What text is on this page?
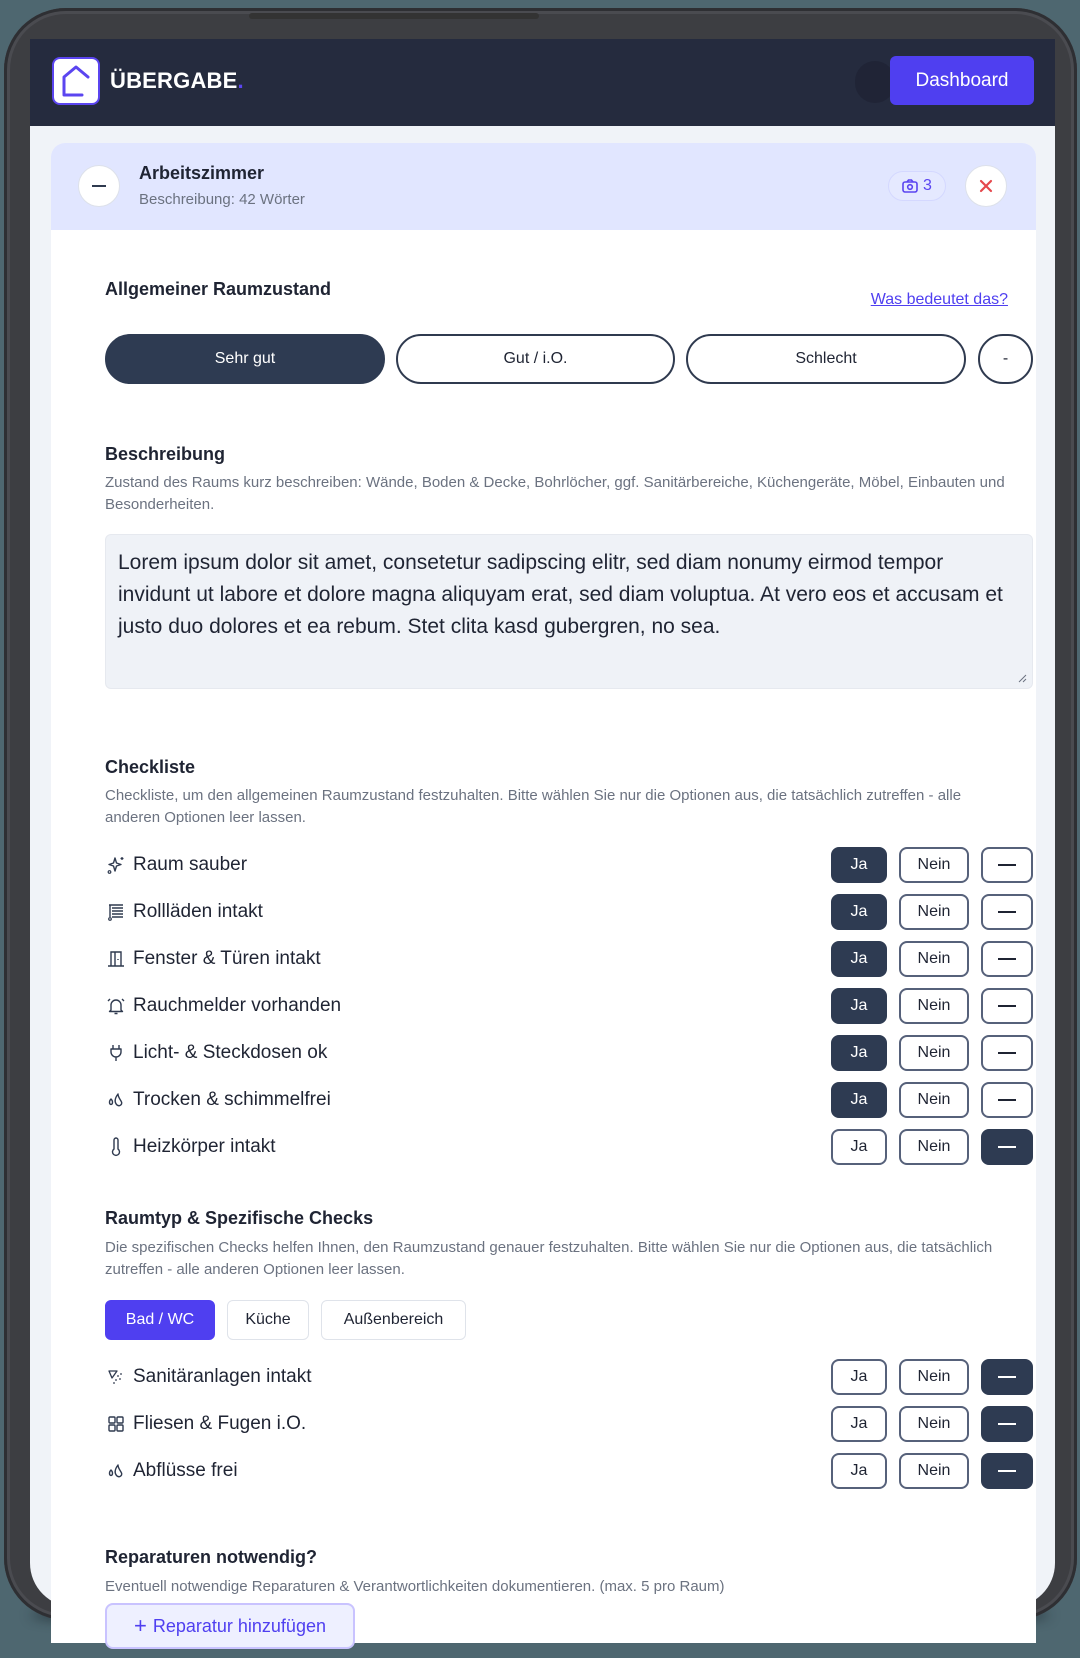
ÜBERGABE.	Dashboard
Arbeitszimmer
Beschreibung: 42 Wörter
3
Allgemeiner Raumzustand
Was bedeutet das?
Sehr gut	Gut / i.O.	Schlecht	-
Beschreibung
Zustand des Raums kurz beschreiben: Wände, Boden & Decke, Bohrlöcher, ggf. Sanitärbereiche, Küchengeräte, Möbel, Einbauten und Besonderheiten.
Lorem ipsum dolor sit amet, consetetur sadipscing elitr, sed diam nonumy eirmod tempor invidunt ut labore et dolore magna aliquyam erat, sed diam voluptua. At vero eos et accusam et justo duo dolores et ea rebum. Stet clita kasd gubergren, no sea.
Checkliste
Checkliste, um den allgemeinen Raumzustand festzuhalten. Bitte wählen Sie nur die Optionen aus, die tatsächlich zutreffen - alle anderen Optionen leer lassen.
Raum sauber	Ja	Nein
Rollläden intakt	Ja	Nein
Fenster & Türen intakt	Ja	Nein
Rauchmelder vorhanden	Ja	Nein
Licht- & Steckdosen ok	Ja	Nein
Trocken & schimmelfrei	Ja	Nein
Heizkörper intakt	Ja	Nein
Raumtyp & Spezifische Checks
Die spezifischen Checks helfen Ihnen, den Raumzustand genauer festzuhalten. Bitte wählen Sie nur die Optionen aus, die tatsächlich zutreffen - alle anderen Optionen leer lassen.
Bad / WC	Küche	Außenbereich
Sanitäranlagen intakt	Ja	Nein
Fliesen & Fugen i.O.	Ja	Nein
Abflüsse frei	Ja	Nein
Reparaturen notwendig?
Eventuell notwendige Reparaturen & Verantwortlichkeiten dokumentieren. (max. 5 pro Raum)
+ Reparatur hinzufügen
